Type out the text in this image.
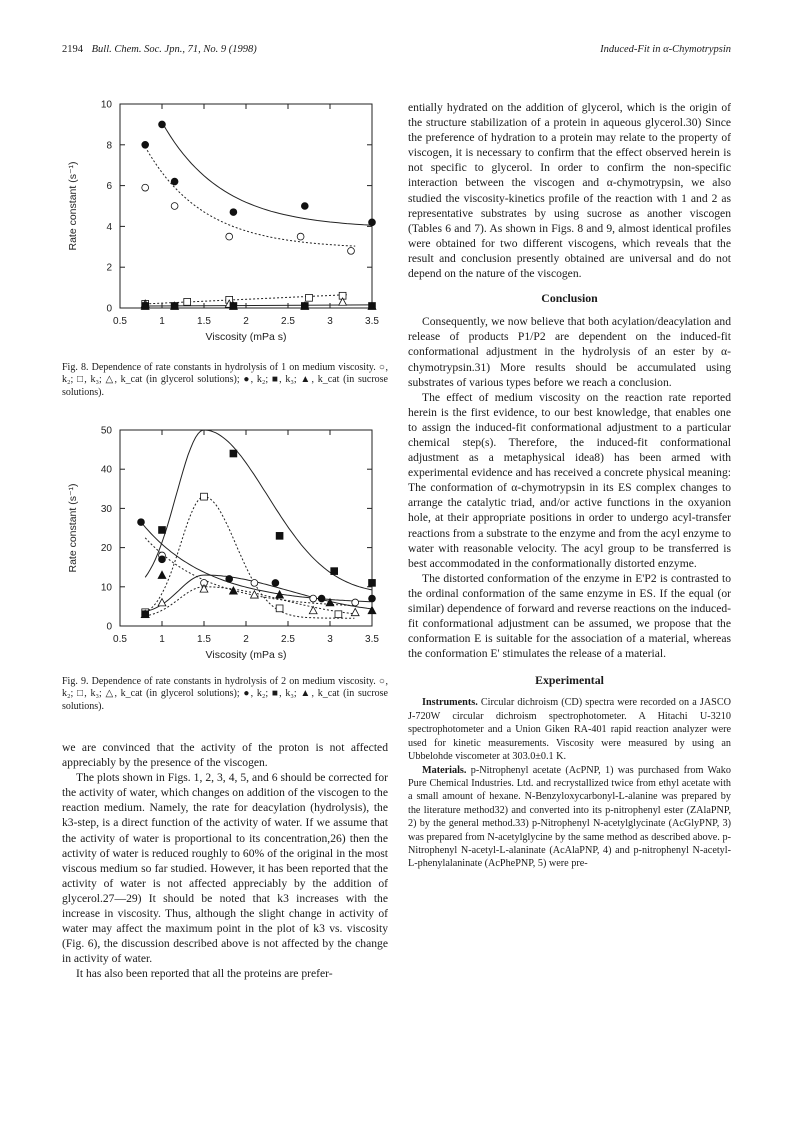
2194 Bull. Chem. Soc. Jpn., 71, No. 9 (1998)	Induced-Fit in α-Chymotrypsin
0.5	1	1.5	2	2.5	3	3.5
0
2
4
6
8
10
Viscosity (mPa s)
Rate constant (s⁻¹)
Fig. 8. Dependence of rate constants in hydrolysis of 1 on medium viscosity. ○, k₂; □, k₃; △, k_cat (in glycerol solutions); ●, k₂; ■, k₃; ▲, k_cat (in sucrose solutions).
0.5	1	1.5	2	2.5	3	3.5
0
10
20
30
40
50
Viscosity (mPa s)
Rate constant (s⁻¹)
Fig. 9. Dependence of rate constants in hydrolysis of 2 on medium viscosity. ○, k₂; □, k₃; △, k_cat (in glycerol solutions); ●, k₂; ■, k₃; ▲, k_cat (in sucrose solutions).

we are convinced that the activity of the proton is not affected appreciably by the presence of the viscogen.

The plots shown in Figs. 1, 2, 3, 4, 5, and 6 should be corrected for the activity of water, which changes on addition of the viscogen to the reaction medium. Namely, the rate for deacylation (hydrolysis), the k3-step, is a direct function of the activity of water. If we assume that the activity of water is proportional to its concentration,26) then the activity of water is reduced roughly to 60% of the original in the most viscous medium so far studied. However, it has been reported that the activity of water is not affected appreciably by the addition of glycerol.27—29) It should be noted that k3 increases with the increase in viscosity. Thus, although the slight change in activity of water may affect the maximum point in the plot of k3 vs. viscosity (Fig. 6), the discussion described above is not affected by the change in activity of water.

It has also been reported that all the proteins are prefer-

entially hydrated on the addition of glycerol, which is the origin of the structure stabilization of a protein in aqueous glycerol.30) Since the preference of hydration to a protein may relate to the property of viscogen, it is necessary to confirm that the effect observed herein is not specific to glycerol. In order to confirm the non-specific interaction between the viscogen and α-chymotrypsin, we also studied the viscosity-kinetics profile of the reaction with 1 and 2 as representative substrates by using sucrose as another viscogen (Tables 6 and 7). As shown in Figs. 8 and 9, almost identical profiles were obtained for two different viscogens, which reveals that the result and conclusion presently obtained are universal and do not depend on the nature of the viscogen.

Conclusion

Consequently, we now believe that both acylation/deacylation and release of products P1/P2 are dependent on the induced-fit conformational adjustment in the hydrolysis of an ester by α-chymotrypsin.31) More results should be accumulated using substrates of various types before we reach a conclusion.

The effect of medium viscosity on the reaction rate reported herein is the first evidence, to our best knowledge, that enables one to assign the induced-fit conformational adjustment to a particular chemical step(s). Therefore, the induced-fit conformational adjustment as a metaphysical idea8) has been armed with experimental evidence and has received a concrete physical meaning: The conformation of α-chymotrypsin in its ES complex changes to arrange the catalytic triad, and/or active functions in the oxyanion hole, at their appropriate positions in order to undergo acyl-transfer reactions from a substrate to the enzyme and from the acyl enzyme to water with reasonable velocity. The acyl group to be transferred is best accommodated in the conformationally distorted enzyme.

The distorted conformation of the enzyme in E'P2 is contrasted to the ordinal conformation of the same enzyme in ES. If the equal (or similar) dependence of forward and reverse reactions on the induced-fit conformational adjustment can be assumed, we propose that the conformation E is suitable for the association of a material, whereas the conformation E' stimulates the release of a material.

Experimental

Instruments. Circular dichroism (CD) spectra were recorded on a JASCO J-720W circular dichroism spectrophotometer. A Hitachi U-3210 spectrophotometer and a Union Giken RA-401 rapid reaction analyzer were used for kinetic measurements. Viscosity were measured by using an Ubbelohde viscometer at 303.0±0.1 K.

Materials. p-Nitrophenyl acetate (AcPNP, 1) was purchased from Wako Pure Chemical Industries. Ltd. and recrystallized twice from ethyl acetate with a small amount of hexane. N-Benzyloxycarbonyl-L-alanine was prepared by the literature method32) and converted into its p-nitrophenyl ester (ZAlaPNP, 2) by the general method.33) p-Nitrophenyl N-acetylglycinate (AcGlyPNP, 3) was prepared from N-acetylglycine by the same method as described above. p-Nitrophenyl N-acetyl-L-alaninate (AcAlaPNP, 4) and p-nitrophenyl N-acetyl-L-phenylalaninate (AcPhePNP, 5) were pre-
